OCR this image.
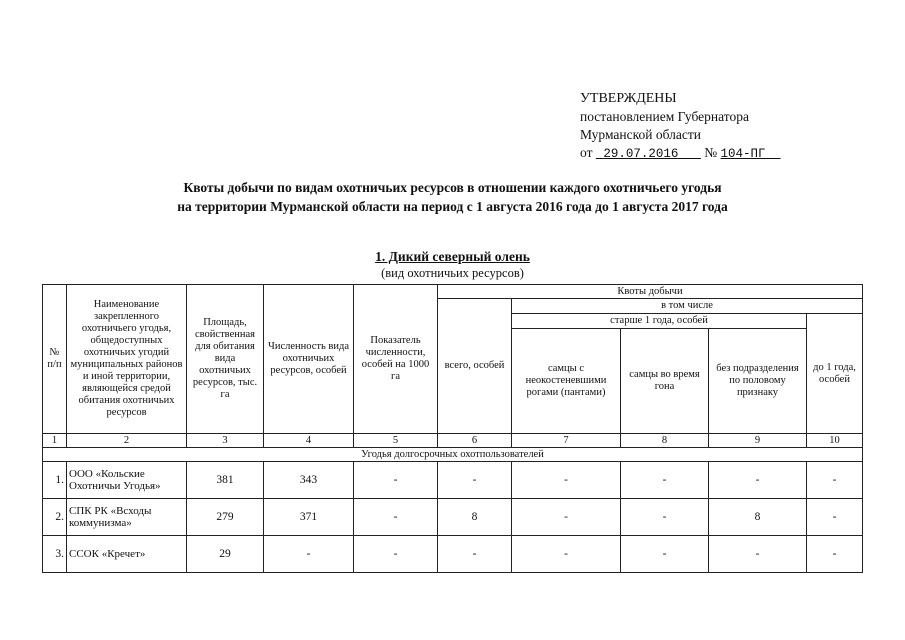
УТВЕРЖДЕНЫ
постановлением Губернатора
Мурманской области
от 29.07.2016 № 104-ПГ
Квоты добычи по видам охотничьих ресурсов в отношении каждого охотничьего угодья
на территории Мурманской области на период с 1 августа 2016 года до 1 августа 2017 года
1. Дикий северный олень
(вид охотничьих ресурсов)
№ п/п	Наименование закрепленного охотничьего угодья, общедоступных охотничьих угодий муниципальных районов и иной территории, являющейся средой обитания охотничьих ресурсов	Площадь, свойственная для обитания вида охотничьих ресурсов, тыс. га	Численность вида охотничьих ресурсов, особей	Показатель численности, особей на 1000 га	Квоты добычи				
					всего, особей	в том числе			
						старше 1 года, особей			до 1 года, особей
						самцы с неокостеневшими рогами (пантами)	самцы во время гона	без подразделения по половому признаку	
1	2	3	4	5	6	7	8	9	10
Угодья долгосрочных охотпользователей									
1.	ООО «Кольские Охотничьи Угодья»	381	343	-	-	-	-	-	-
2.	СПК РК «Всходы коммунизма»	279	371	-	8	-	-	8	-
3.	ССОК «Кречет»	29	-	-	-	-	-	-	-
